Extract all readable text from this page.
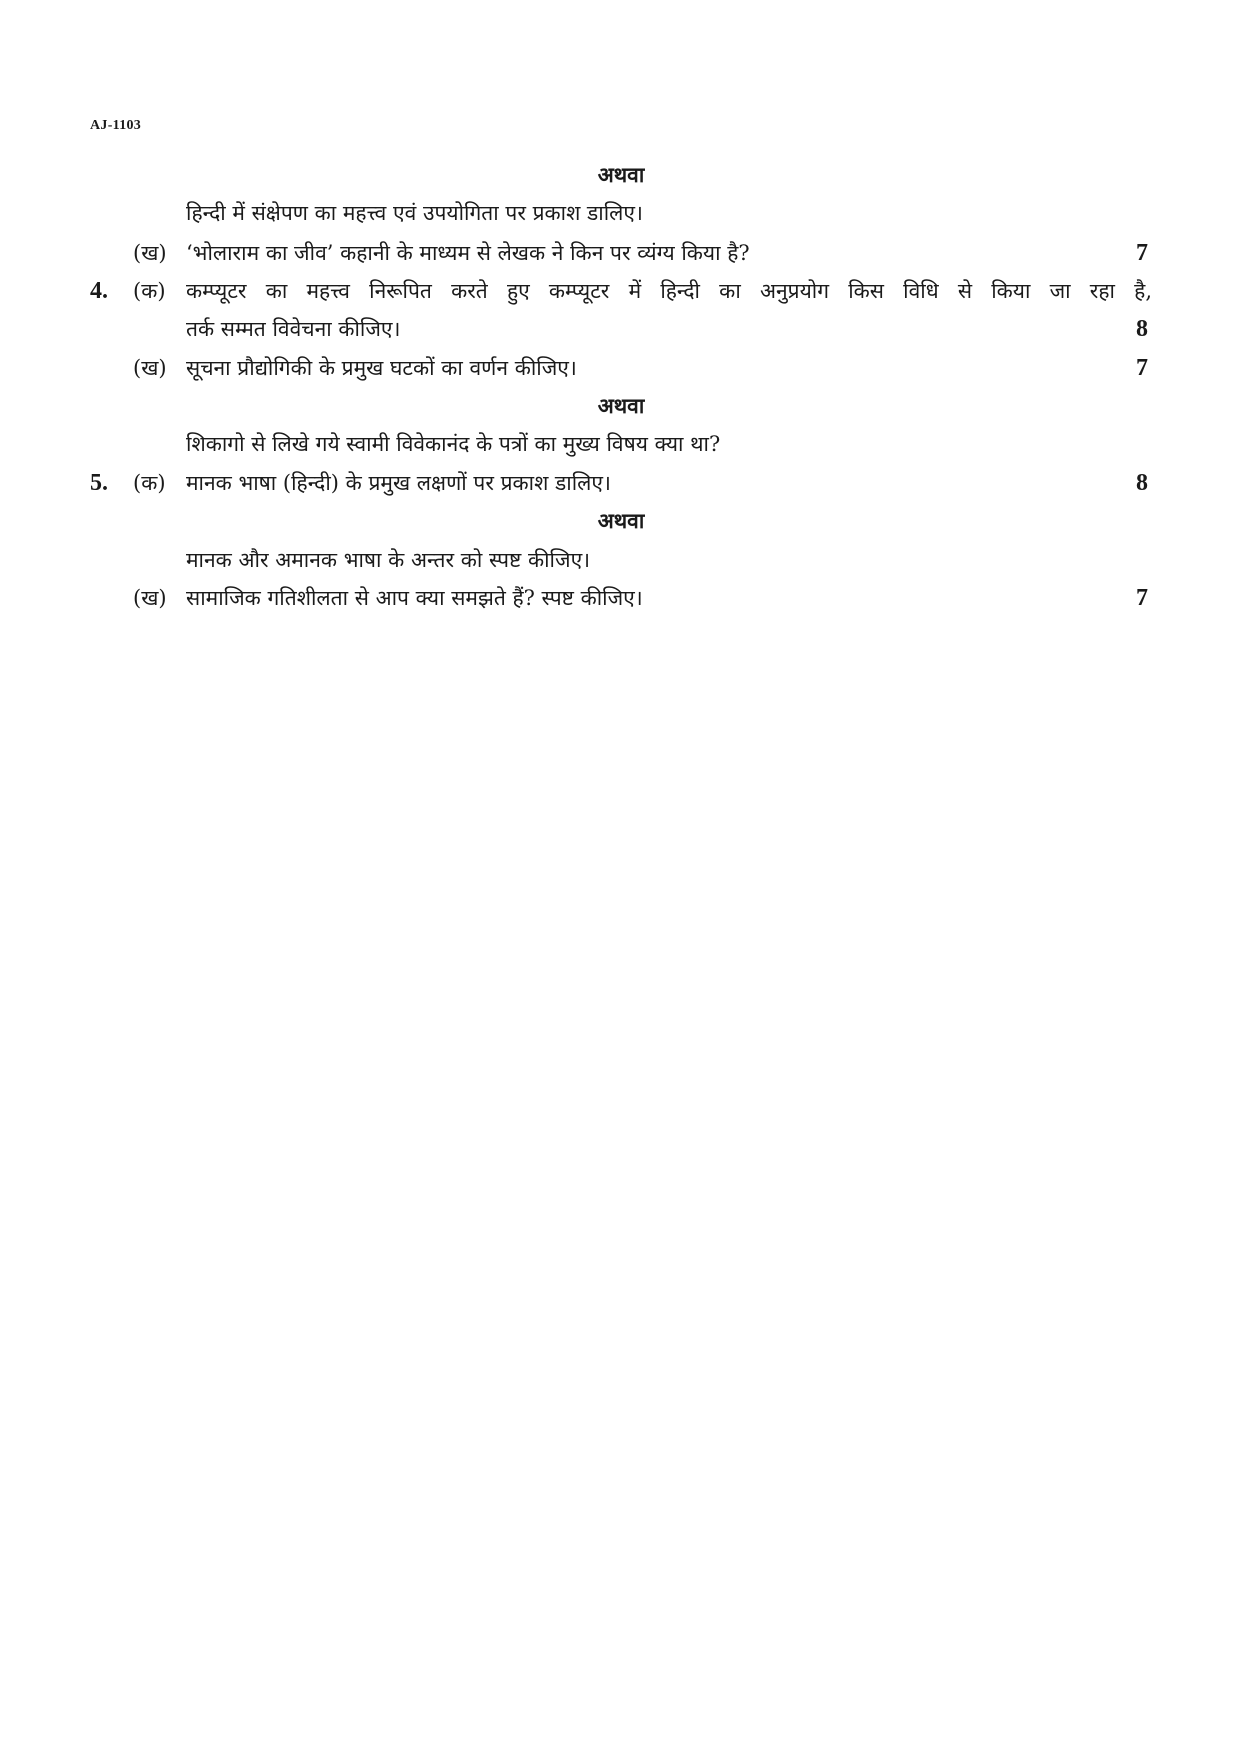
AJ-1103
अथवा
हिन्दी में संक्षेपण का महत्त्व एवं उपयोगिता पर प्रकाश डालिए।
(ख) ‘भोलाराम का जीव’ कहानी के माध्यम से लेखक ने किन पर व्यंग्य किया है?	7
4. (क) कम्प्यूटर का महत्त्व निरूपित करते हुए कम्प्यूटर में हिन्दी का अनुप्रयोग किस विधि से किया जा रहा है,
तर्क सम्मत विवेचना कीजिए।	8
(ख) सूचना प्रौद्योगिकी के प्रमुख घटकों का वर्णन कीजिए।	7
अथवा
शिकागो से लिखे गये स्वामी विवेकानंद के पत्रों का मुख्य विषय क्या था?
5. (क) मानक भाषा (हिन्दी) के प्रमुख लक्षणों पर प्रकाश डालिए।	8
अथवा
मानक और अमानक भाषा के अन्तर को स्पष्ट कीजिए।
(ख) सामाजिक गतिशीलता से आप क्या समझते हैं? स्पष्ट कीजिए।	7
